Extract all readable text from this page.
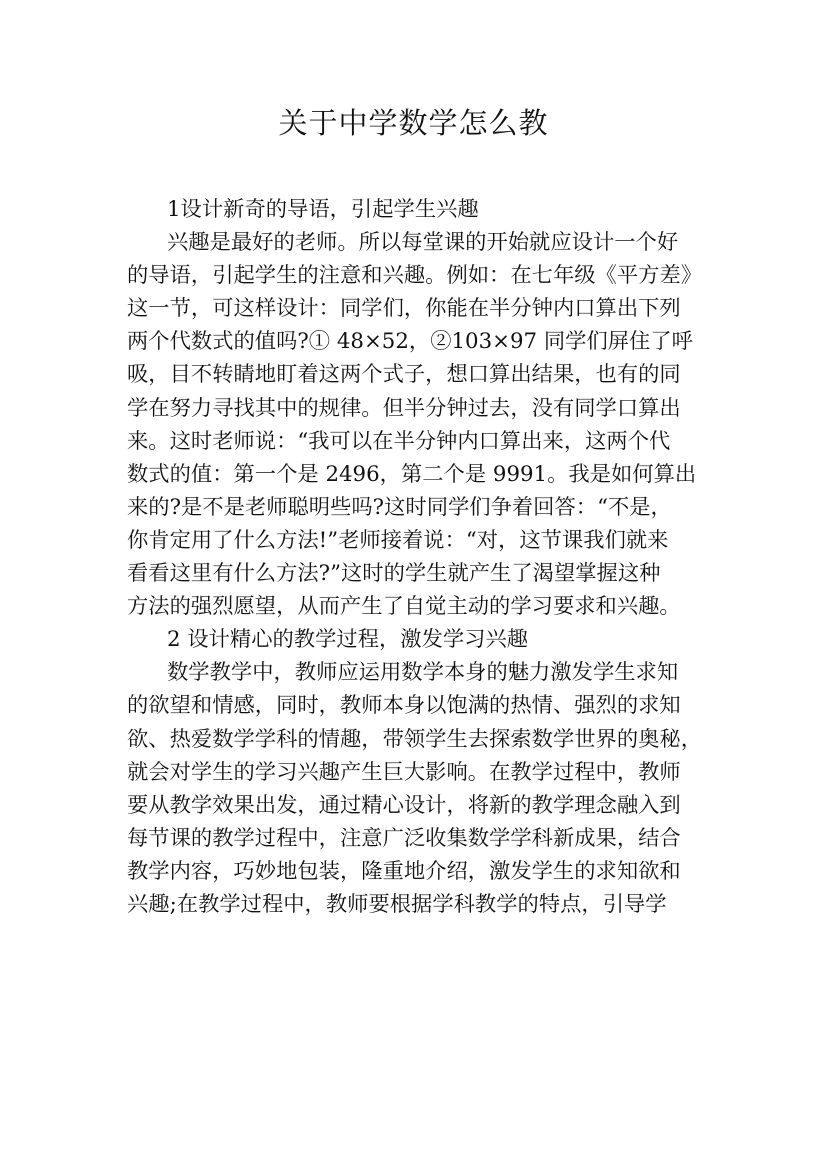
关于中学数学怎么教
1设计新奇的导语，引起学生兴趣
兴趣是最好的老师。所以每堂课的开始就应设计一个好
的导语，引起学生的注意和兴趣。例如：在七年级《平方差》
这一节，可这样设计：同学们，你能在半分钟内口算出下列
两个代数式的值吗?① 48×52，②103×97 同学们屏住了呼
吸，目不转睛地盯着这两个式子，想口算出结果，也有的同
学在努力寻找其中的规律。但半分钟过去，没有同学口算出
来。这时老师说：“我可以在半分钟内口算出来，这两个代
数式的值：第一个是 2496，第二个是 9991。我是如何算出
来的?是不是老师聪明些吗?这时同学们争着回答：“不是，
你肯定用了什么方法!”老师接着说：“对，这节课我们就来
看看这里有什么方法?”这时的学生就产生了渴望掌握这种
方法的强烈愿望，从而产生了自觉主动的学习要求和兴趣。
2 设计精心的教学过程，激发学习兴趣
数学教学中，教师应运用数学本身的魅力激发学生求知
的欲望和情感，同时，教师本身以饱满的热情、强烈的求知
欲、热爱数学学科的情趣，带领学生去探索数学世界的奥秘，
就会对学生的学习兴趣产生巨大影响。在教学过程中，教师
要从教学效果出发，通过精心设计，将新的教学理念融入到
每节课的教学过程中，注意广泛收集数学学科新成果，结合
教学内容，巧妙地包装，隆重地介绍，激发学生的求知欲和
兴趣;在教学过程中，教师要根据学科教学的特点，引导学
